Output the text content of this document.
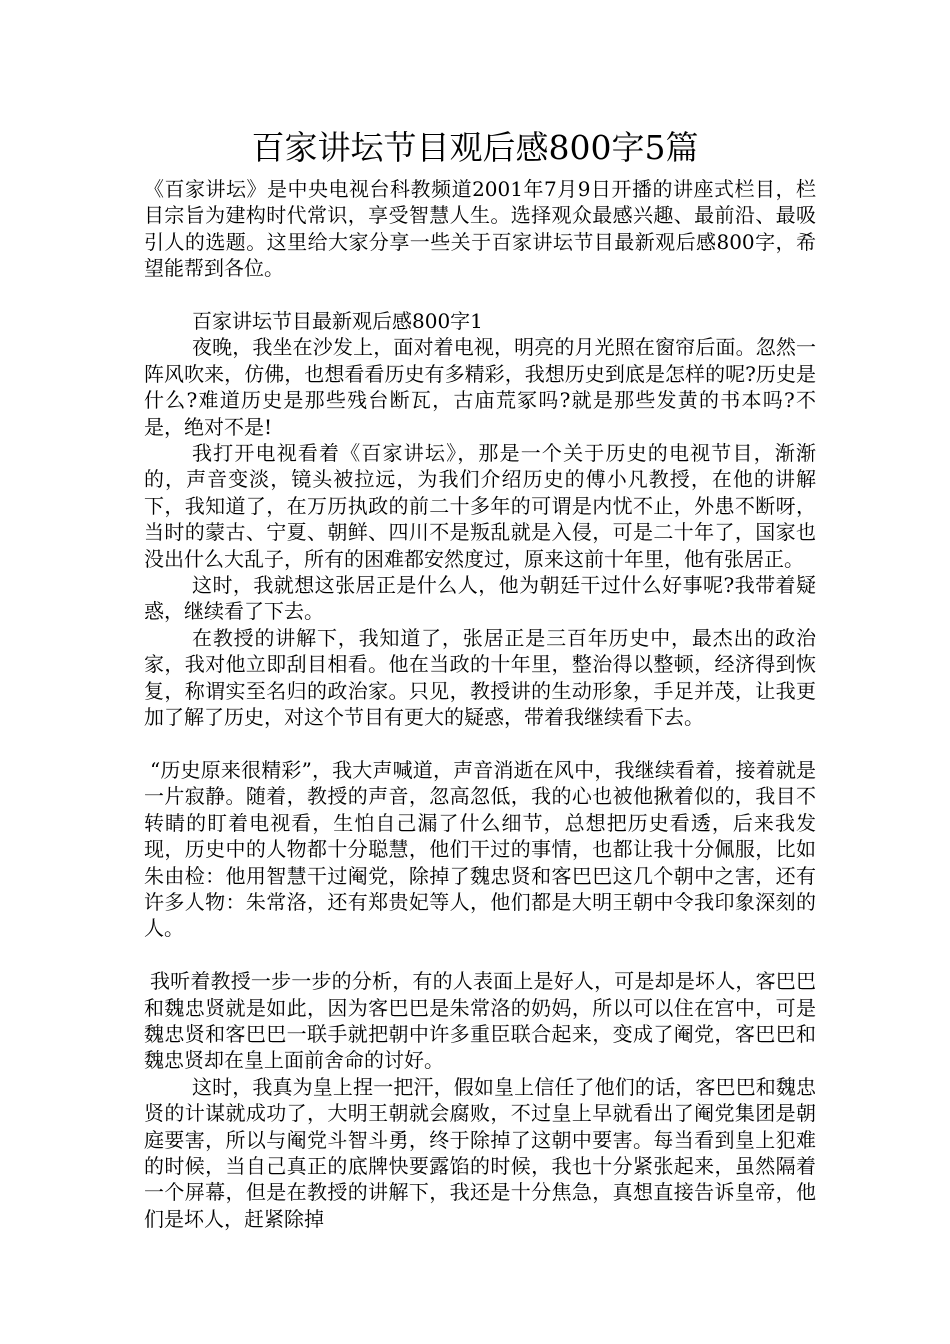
百家讲坛节目观后感800字5篇

《百家讲坛》是中央电视台科教频道2001年7月9日开播的讲座式栏目，栏目宗旨为建构时代常识，享受智慧人生。选择观众最感兴趣、最前沿、最吸引人的选题。这里给大家分享一些关于百家讲坛节目最新观后感800字，希望能帮到各位。

百家讲坛节目最新观后感800字1

夜晚，我坐在沙发上，面对着电视，明亮的月光照在窗帘后面。忽然一阵风吹来，仿佛，也想看看历史有多精彩，我想历史到底是怎样的呢?历史是什么?难道历史是那些残台断瓦，古庙荒冢吗?就是那些发黄的书本吗?不是，绝对不是!

我打开电视看着《百家讲坛》，那是一个关于历史的电视节目，渐渐的，声音变淡，镜头被拉远，为我们介绍历史的傅小凡教授，在他的讲解下，我知道了，在万历执政的前二十多年的可谓是内忧不止，外患不断呀，当时的蒙古、宁夏、朝鲜、四川不是叛乱就是入侵，可是二十年了，国家也没出什么大乱子，所有的困难都安然度过，原来这前十年里，他有张居正。

这时，我就想这张居正是什么人，他为朝廷干过什么好事呢?我带着疑惑，继续看了下去。

在教授的讲解下，我知道了，张居正是三百年历史中，最杰出的政治家，我对他立即刮目相看。他在当政的十年里，整治得以整顿，经济得到恢复，称谓实至名归的政治家。只见，教授讲的生动形象，手足并茂，让我更加了解了历史，对这个节目有更大的疑惑，带着我继续看下去。

“历史原来很精彩”，我大声喊道，声音消逝在风中，我继续看着，接着就是一片寂静。随着，教授的声音，忽高忽低，我的心也被他揪着似的，我目不转睛的盯着电视看，生怕自己漏了什么细节，总想把历史看透，后来我发现，历史中的人物都十分聪慧，他们干过的事情，也都让我十分佩服，比如朱由检：他用智慧干过阉党，除掉了魏忠贤和客巴巴这几个朝中之害，还有许多人物：朱常洛，还有郑贵妃等人，他们都是大明王朝中令我印象深刻的人。

我听着教授一步一步的分析，有的人表面上是好人，可是却是坏人，客巴巴和魏忠贤就是如此，因为客巴巴是朱常洛的奶妈，所以可以住在宫中，可是魏忠贤和客巴巴一联手就把朝中许多重臣联合起来，变成了阉党，客巴巴和魏忠贤却在皇上面前舍命的讨好。

这时，我真为皇上捏一把汗，假如皇上信任了他们的话，客巴巴和魏忠贤的计谋就成功了，大明王朝就会腐败，不过皇上早就看出了阉党集团是朝庭要害，所以与阉党斗智斗勇，终于除掉了这朝中要害。每当看到皇上犯难的时候，当自己真正的底牌快要露馅的时候，我也十分紧张起来，虽然隔着一个屏幕，但是在教授的讲解下，我还是十分焦急，真想直接告诉皇帝，他们是坏人，赶紧除掉
